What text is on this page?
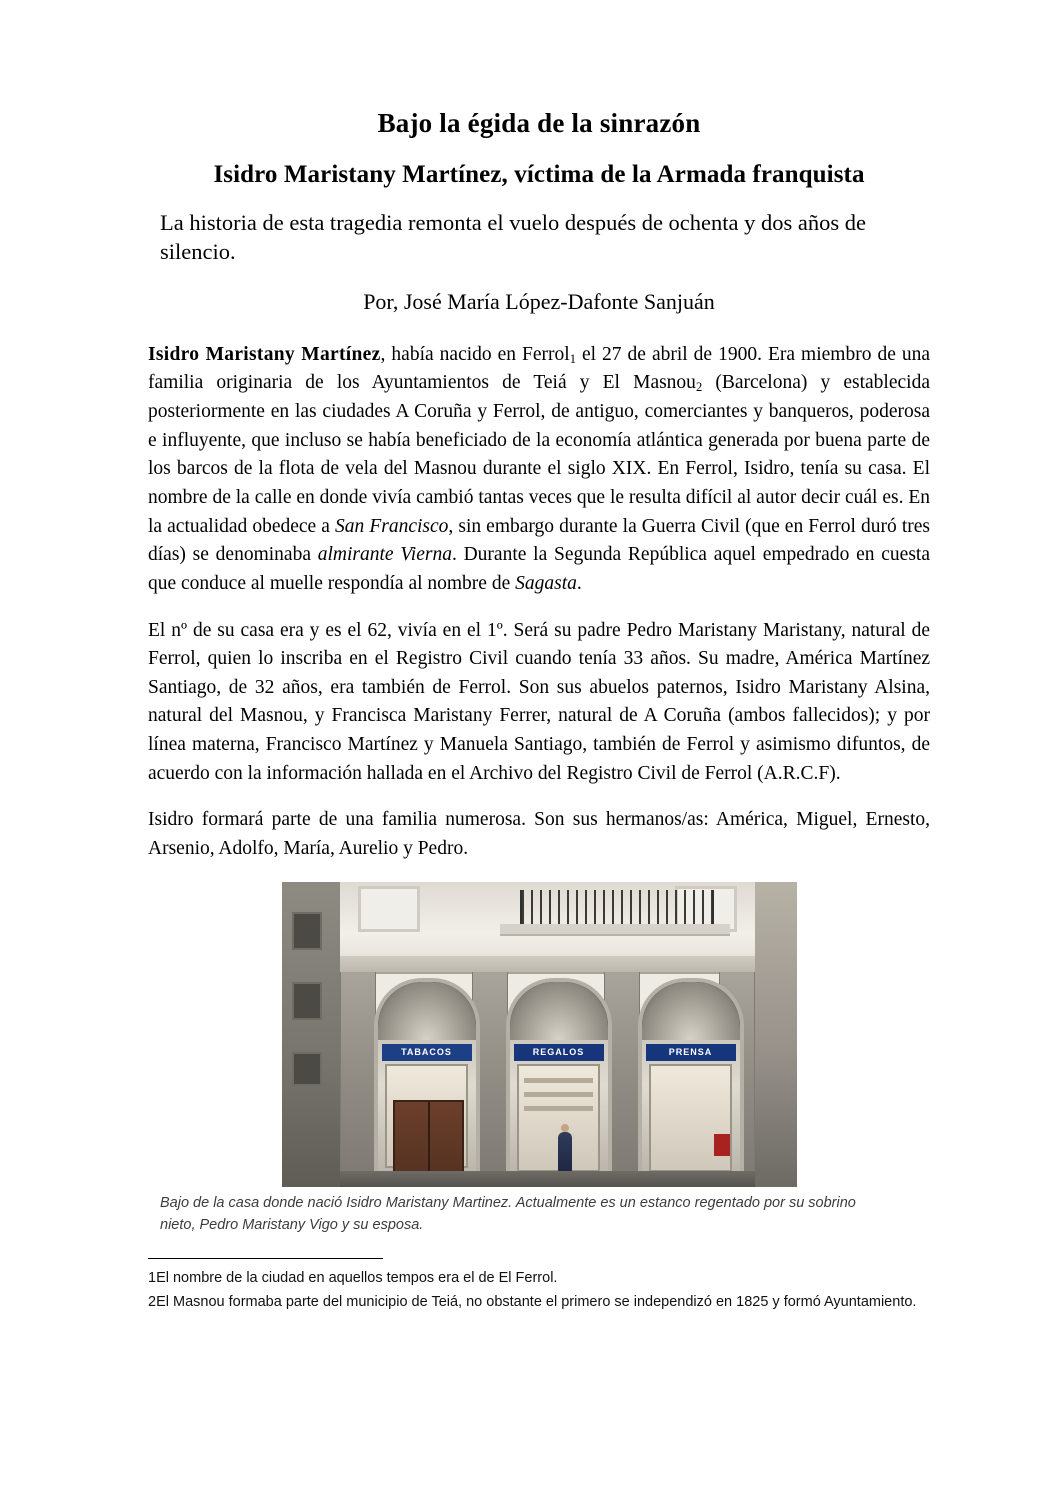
Bajo la égida de la sinrazón
Isidro Maristany Martínez, víctima de la Armada franquista

La historia de esta tragedia remonta el vuelo después de ochenta y dos años de silencio.

Por, José María López-Dafonte Sanjuán

Isidro Maristany Martínez, había nacido en Ferrol$^1$ el 27 de abril de 1900. Era miembro de una familia originaria de los Ayuntamientos de Teiá y El Masnou$^2$ (Barcelona) y establecida posteriormente en las ciudades A Coruña y Ferrol, de antiguo, comerciantes y banqueros, poderosa e influyente, que incluso se había beneficiado de la economía atlántica generada por buena parte de los barcos de la flota de vela del Masnou durante el siglo XIX. En Ferrol, Isidro, tenía su casa. El nombre de la calle en donde vivía cambió tantas veces que le resulta difícil al autor decir cuál es. En la actualidad obedece a San Francisco, sin embargo durante la Guerra Civil (que en Ferrol duró tres días) se denominaba almirante Vierna. Durante la Segunda República aquel empedrado en cuesta que conduce al muelle respondía al nombre de Sagasta.

El nº de su casa era y es el 62, vivía en el 1º. Será su padre Pedro Maristany Maristany, natural de Ferrol, quien lo inscriba en el Registro Civil cuando tenía 33 años. Su madre, América Martínez Santiago, de 32 años, era también de Ferrol. Son sus abuelos paternos, Isidro Maristany Alsina, natural del Masnou, y Francisca Maristany Ferrer, natural de A Coruña (ambos fallecidos); y por línea materna, Francisco Martínez y Manuela Santiago, también de Ferrol y asimismo difuntos, de acuerdo con la información hallada en el Archivo del Registro Civil de Ferrol (A.R.C.F).

Isidro formará parte de una familia numerosa. Son sus hermanos/as: América, Miguel, Ernesto, Arsenio, Adolfo, María, Aurelio y Pedro.

TABACOS	REGALOS	PRENSA

Bajo de la casa donde nació Isidro Maristany Martinez. Actualmente es un estanco regentado por su sobrino nieto, Pedro Maristany Vigo y su esposa.

1El nombre de la ciudad en aquellos tempos era el de El Ferrol.

2El Masnou formaba parte del municipio de Teiá, no obstante el primero se independizó en 1825 y formó Ayuntamiento.
